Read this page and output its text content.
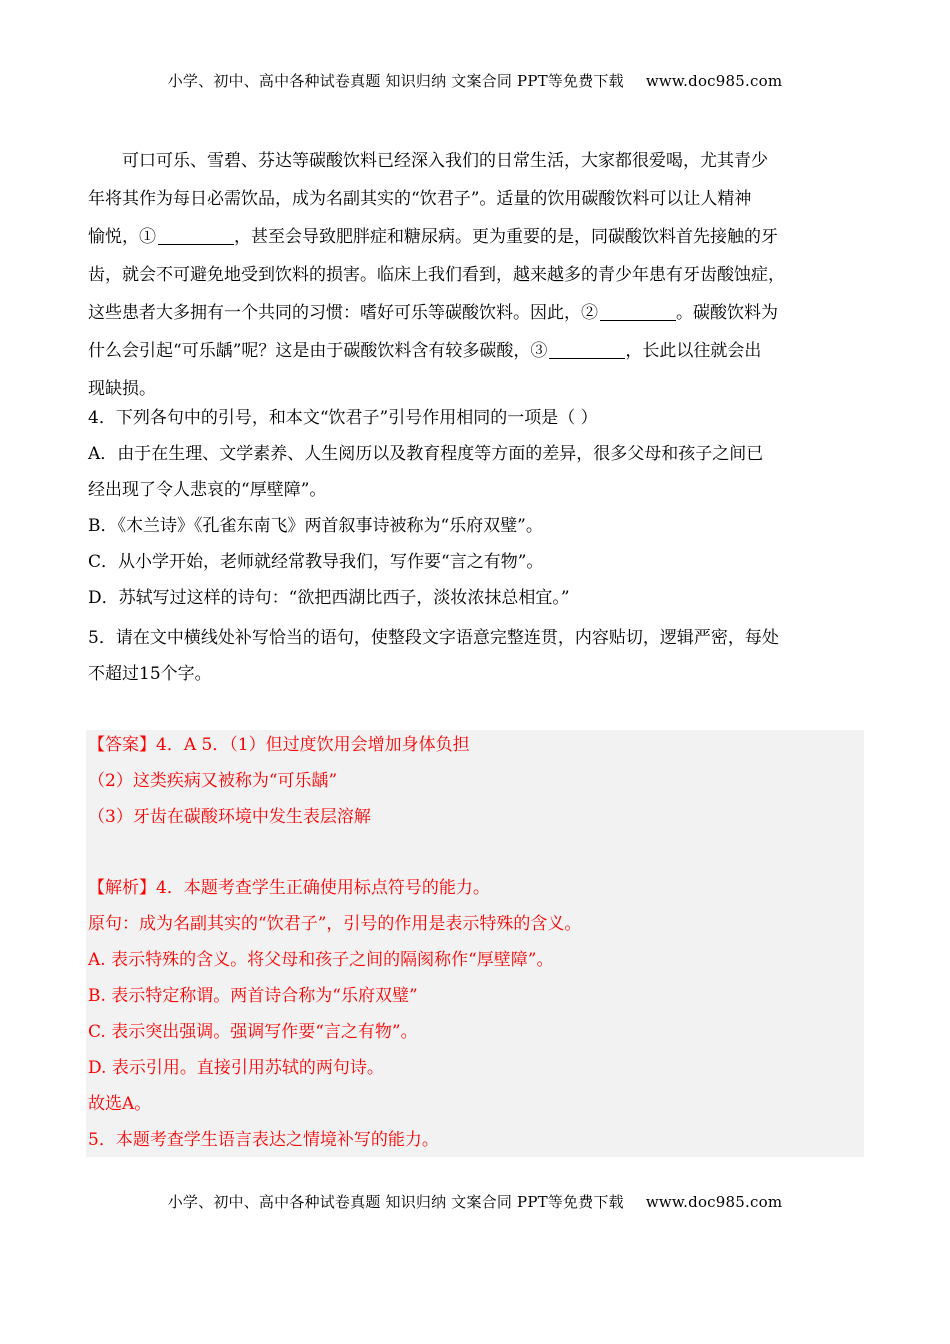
小学、初中、高中各种试卷真题 知识归纳 文案合同 PPT等免费下载 www.doc985.com
可口可乐、雪碧、芬达等碳酸饮料已经深入我们的日常生活，大家都很爱喝，尤其青少
年将其作为每日必需饮品，成为名副其实的“饮君子”。适量的饮用碳酸饮料可以让人精神
愉悦，①	，甚至会导致肥胖症和糖尿病。更为重要的是，同碳酸饮料首先接触的牙
齿，就会不可避免地受到饮料的损害。临床上我们看到，越来越多的青少年患有牙齿酸蚀症，
这些患者大多拥有一个共同的习惯：嗜好可乐等碳酸饮料。因此，②	。碳酸饮料为
什么会引起“可乐龋”呢？这是由于碳酸饮料含有较多碳酸，③	，长此以往就会出
现缺损。
4．下列各句中的引号，和本文“饮君子”引号作用相同的一项是（ ）
A．由于在生理、文学素养、人生阅历以及教育程度等方面的差异，很多父母和孩子之间已
经出现了令人悲哀的“厚壁障”。
B．《木兰诗》《孔雀东南飞》两首叙事诗被称为“乐府双璧”。
C．从小学开始，老师就经常教导我们，写作要“言之有物”。
D．苏轼写过这样的诗句：“欲把西湖比西子，淡妆浓抹总相宜。”
5．请在文中横线处补写恰当的语句，使整段文字语意完整连贯，内容贴切，逻辑严密，每处
不超过15个字。
【答案】4．A 5．（1）但过度饮用会增加身体负担
（2）这类疾病又被称为“可乐龋”
（3）牙齿在碳酸环境中发生表层溶解
【解析】4．本题考查学生正确使用标点符号的能力。
原句：成为名副其实的“饮君子”，引号的作用是表示特殊的含义。
A. 表示特殊的含义。将父母和孩子之间的隔阂称作“厚壁障”。
B. 表示特定称谓。两首诗合称为“乐府双璧”
C. 表示突出强调。强调写作要“言之有物”。
D. 表示引用。直接引用苏轼的两句诗。
故选A。
5．本题考查学生语言表达之情境补写的能力。
小学、初中、高中各种试卷真题 知识归纳 文案合同 PPT等免费下载 www.doc985.com
